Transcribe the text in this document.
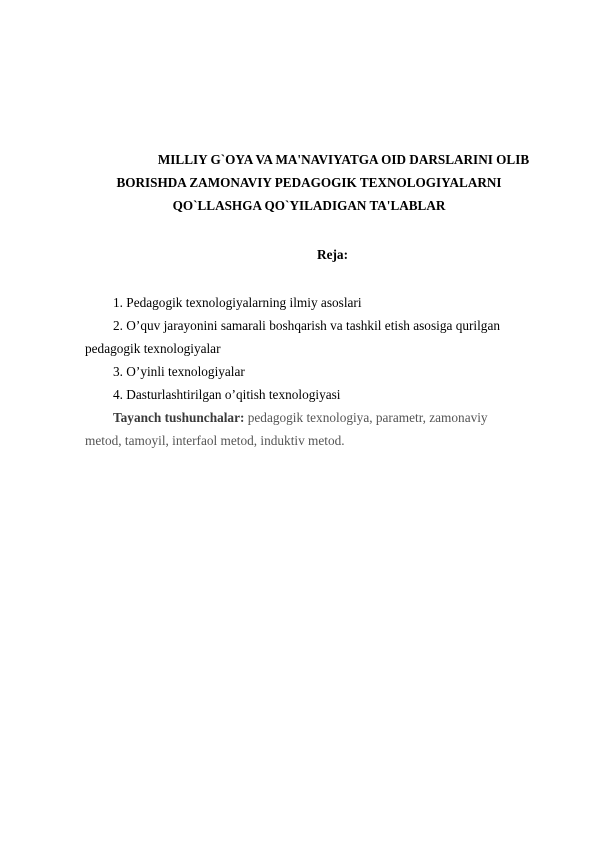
MILLIY G`OYA VA MA'NAVIYATGA OID DARSLARINI OLIB
BORISHDA ZAMONAVIY PEDAGOGIK TEXNOLOGIYALARNI
QO`LLASHGA QO`YILADIGAN TA'LABLAR
Reja:
1. Pedagogik texnologiyalarning ilmiy asoslari
2. O’quv jarayonini samarali boshqarish va tashkil etish asosiga qurilgan pedagogik texnologiyalar
3. O’yinli texnologiyalar
4. Dasturlashtirilgan o’qitish texnologiyasi
Tayanch tushunchalar: pedagogik texnologiya, parametr, zamonaviy metod, tamoyil, interfaol metod, induktiv metod.
